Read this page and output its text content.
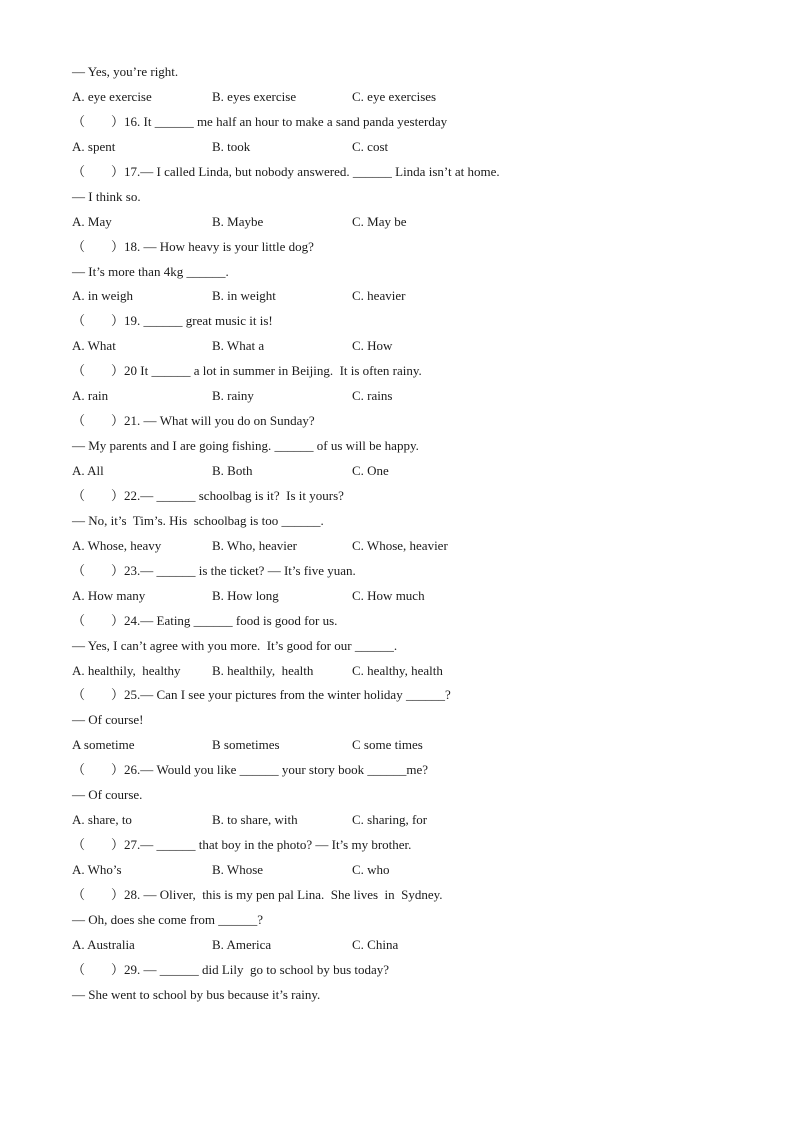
— Yes, you’re right.
A. eye exercise	B. eyes exercise	C. eye exercises
（　　）16. It ______ me half an hour to make a sand panda yesterday
A. spent	B. took	C. cost
（　　）17.— I called Linda, but nobody answered. ______ Linda isn’t at home.
— I think so.
A. May	B. Maybe	C. May be
（　　）18. — How heavy is your little dog?
— It’s more than 4kg ______.
A. in weigh	B. in weight	C. heavier
（　　）19. ______ great music it is!
A. What	B. What a	C. How
（　　）20 It ______ a lot in summer in Beijing.  It is often rainy.
A. rain	B. rainy	C. rains
（　　）21. — What will you do on Sunday?
— My parents and I are going fishing. ______ of us will be happy.
A. All	B. Both	C. One
（　　）22.— ______ schoolbag is it?  Is it yours?
— No, it’s  Tim’s. His  schoolbag is too ______.
A. Whose, heavy	B. Who, heavier	C. Whose, heavier
（　　）23.— ______ is the ticket? — It’s five yuan.
A. How many	B. How long	C. How much
（　　）24.— Eating ______ food is good for us.
— Yes, I can’t agree with you more.  It’s good for our ______.
A. healthily,  healthy B. healthily,  health	C. healthy, health
（　　）25.— Can I see your pictures from the winter holiday ______?
— Of course!
A sometime	B sometimes	C some times
（　　）26.— Would you like ______ your story book ______me?
— Of course.
A. share, to	B. to share, with	C. sharing, for
（　　）27.— ______ that boy in the photo? — It’s my brother.
A. Who’s	B. Whose	C. who
（　　）28. — Oliver,  this is my pen pal Lina.  She lives  in  Sydney.
— Oh, does she come from ______?
A. Australia	B. America	C. China
（　　）29. — ______ did Lily  go to school by bus today?
— She went to school by bus because it’s rainy.
